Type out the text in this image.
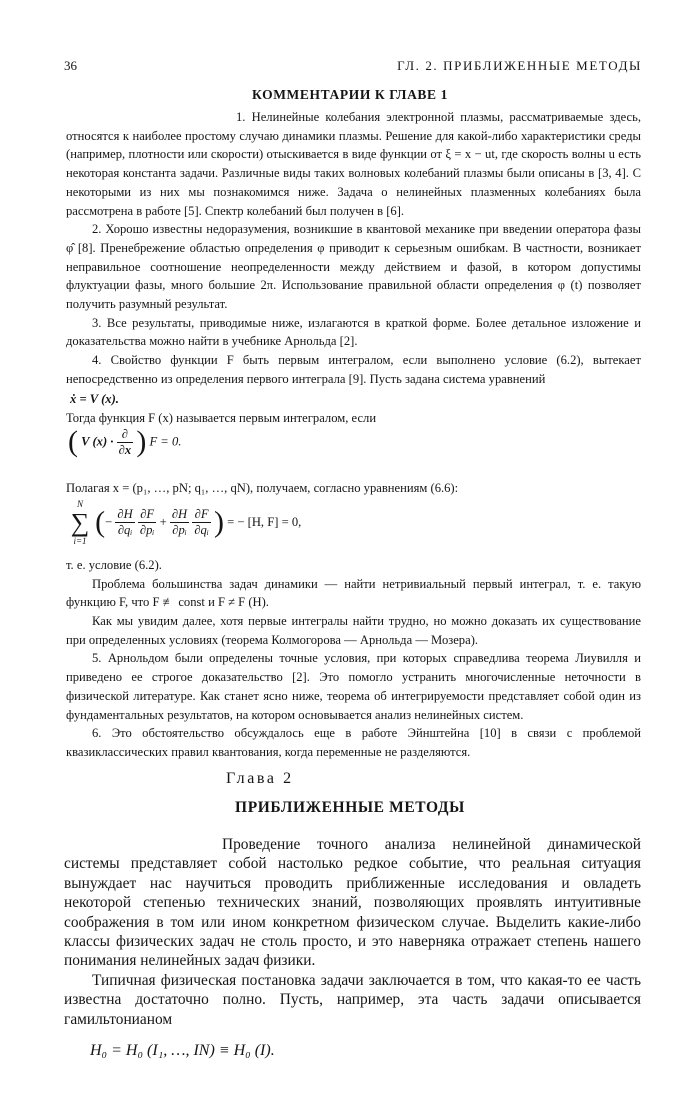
36	ГЛ. 2. ПРИБЛИЖЕННЫЕ МЕТОДЫ
КОММЕНТАРИИ К ГЛАВЕ 1

1. Нелинейные колебания электронной плазмы, рассматриваемые здесь, относятся к наиболее простому случаю динамики плазмы. Решение для какой-либо характеристики среды (например, плотности или скорости) отыскивается в виде функции от ξ = x − ut, где скорость волны u есть некоторая константа задачи. Различные виды таких волновых колебаний плазмы были описаны в [3, 4]. С некоторыми из них мы познакомимся ниже. Задача о нелинейных плазменных колебаниях была рассмотрена в работе [5]. Спектр колебаний был получен в [6].

2. Хорошо известны недоразумения, возникшие в квантовой механике при введении оператора фазы φ̂ [8]. Пренебрежение областью определения φ приводит к серьезным ошибкам. В частности, возникает неправильное соотношение неопределенности между действием и фазой, в котором допустимы флуктуации фазы, много большие 2π. Использование правильной области определения φ (t) позволяет получить разумный результат.

3. Все результаты, приводимые ниже, излагаются в краткой форме. Более детальное изложение и доказательства можно найти в учебнике Арнольда [2].

4. Свойство функции F быть первым интегралом, если выполнено условие (6.2), вытекает непосредственно из определения первого интеграла [9]. Пусть задана система уравнений

ẋ = V (x).

Тогда функция F (x) называется первым интегралом, если

( V $(x) \cdot \frac{\partial}{\partial x}$ ) F = 0.

Полагая x = (p₁, …, pN; q₁, …, qN), получаем, согласно уравнениям (6.6):

N
∑
i=1
(− $\frac{\partial H}{\text{∂qᵢ}}$
$\frac{\partial F}{\text{∂pᵢ}} + \frac{\partial H}{\text{∂pᵢ}}$
$\frac{\partial F}{\text{∂qᵢ}}$ ) = − [H, F] = 0,

т. е. условие (6.2).

Проблема большинства задач динамики — найти нетривиальный первый интеграл, т. е. такую функцию F, что F ≢ const и F ≠ F (H).

Как мы увидим далее, хотя первые интегралы найти трудно, но можно доказать их существование при определенных условиях (теорема Колмогорова — Арнольда — Мозера).

5. Арнольдом были определены точные условия, при которых справедлива теорема Лиувилля и приведено ее строгое доказательство [2]. Это помогло устранить многочисленные неточности в физической литературе. Как станет ясно ниже, теорема об интегрируемости представляет собой один из фундаментальных результатов, на котором основывается анализ нелинейных систем.

6. Это обстоятельство обсуждалось еще в работе Эйнштейна [10] в связи с проблемой квазиклассических правил квантования, когда переменные не разделяются.

Глава 2
ПРИБЛИЖЕННЫЕ МЕТОДЫ

Проведение точного анализа нелинейной динамической системы представляет собой настолько редкое событие, что реальная ситуация вынуждает нас научиться проводить приближенные исследования и овладеть некоторой степенью технических знаний, позволяющих проявлять интуитивные соображения в том или ином конкретном физическом случае. Выделить какие-либо классы физических задач не столь просто, и это наверняка отражает степень нашего понимания нелинейных задач физики.

Типичная физическая постановка задачи заключается в том, что какая-то ее часть известна достаточно полно. Пусть, например, эта часть задачи описывается гамильтонианом

H₀ = H₀ (I₁, …, IN) ≡ H₀ (I).
